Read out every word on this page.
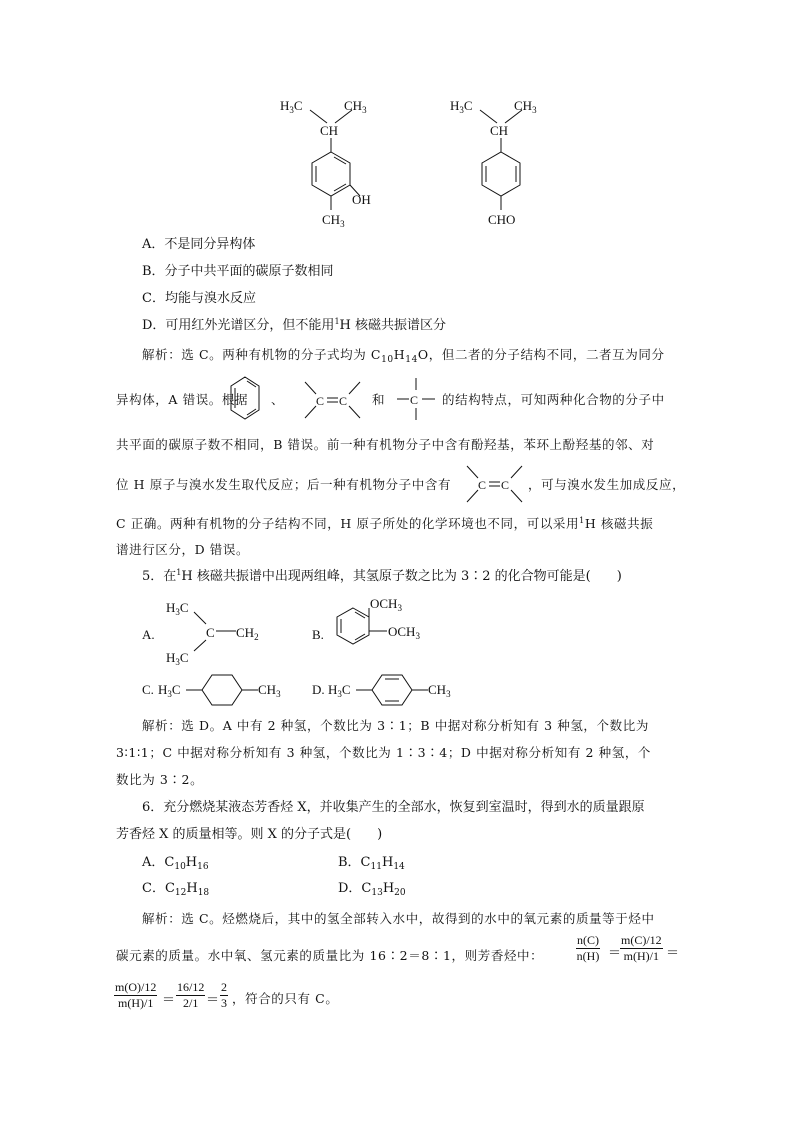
$H_3C$	$CH_3$
CH
OH
$CH_3$
$H_3C$	$CH_3$
CH
CHO
A．不是同分异构体
B．分子中共平面的碳原子数相同
C．均能与溴水反应
D．可用红外光谱区分，但不能用$^1$H 核磁共振谱区分
解析：选 C。两种有机物的分子式均为 $C_{10}H_{14}O$，但二者的分子结构不同，二者互为同分
异构体，A 错误。根据 、	C C 和 C 的结构特点，可知两种化合物的分子中
共平面的碳原子数不相同，B 错误。前一种有机物分子中含有酚羟基，苯环上酚羟基的邻、对
位 H 原子与溴水发生取代反应；后一种有机物分子中含有 C C ，可与溴水发生加成反应，
C 正确。两种有机物的分子结构不同，H 原子所处的化学环境也不同，可以采用$^1$H 核磁共振
谱进行区分，D 错误。
5．在$^1$H 核磁共振谱中出现两组峰，其氢原子数之比为 3∶2 的化合物可能是(　　)
A.
$H_3C$
C $CH_2$
$H_3C$
B.
$OCH_3$
$OCH_3$
C. $H_3C$	$CH_3$ D. $H_3C$	$CH_3$
解析：选 D。A 中有 2 种氢，个数比为 3∶1；B 中据对称分析知有 3 种氢，个数比为
3∶1∶1；C 中据对称分析知有 3 种氢，个数比为 1∶3∶4；D 中据对称分析知有 2 种氢，个
数比为 3∶2。
6．充分燃烧某液态芳香烃 X，并收集产生的全部水，恢复到室温时，得到水的质量跟原
芳香烃 X 的质量相等。则 X 的分子式是(　　)
A．$C_{10}H_{16}$	B．$C_{11}H_{14}$
C．$C_{12}H_{18}$	D．$C_{13}H_{20}$
解析：选 C。烃燃烧后，其中的氢全部转入水中，故得到的水中的氧元素的质量等于烃中
碳元素的质量。水中氧、氢元素的质量比为 16∶2＝8∶1，则芳香烃中：	$\frac{n(C)}{n(H)}$ ＝
$\frac{m(C)/12}{m(H)/1}$ ＝
$\frac{m(O)/12}{m(H)/1} = \frac{16/12}{2/1} = \frac{2}{3}$ ，符合的只有 C。
